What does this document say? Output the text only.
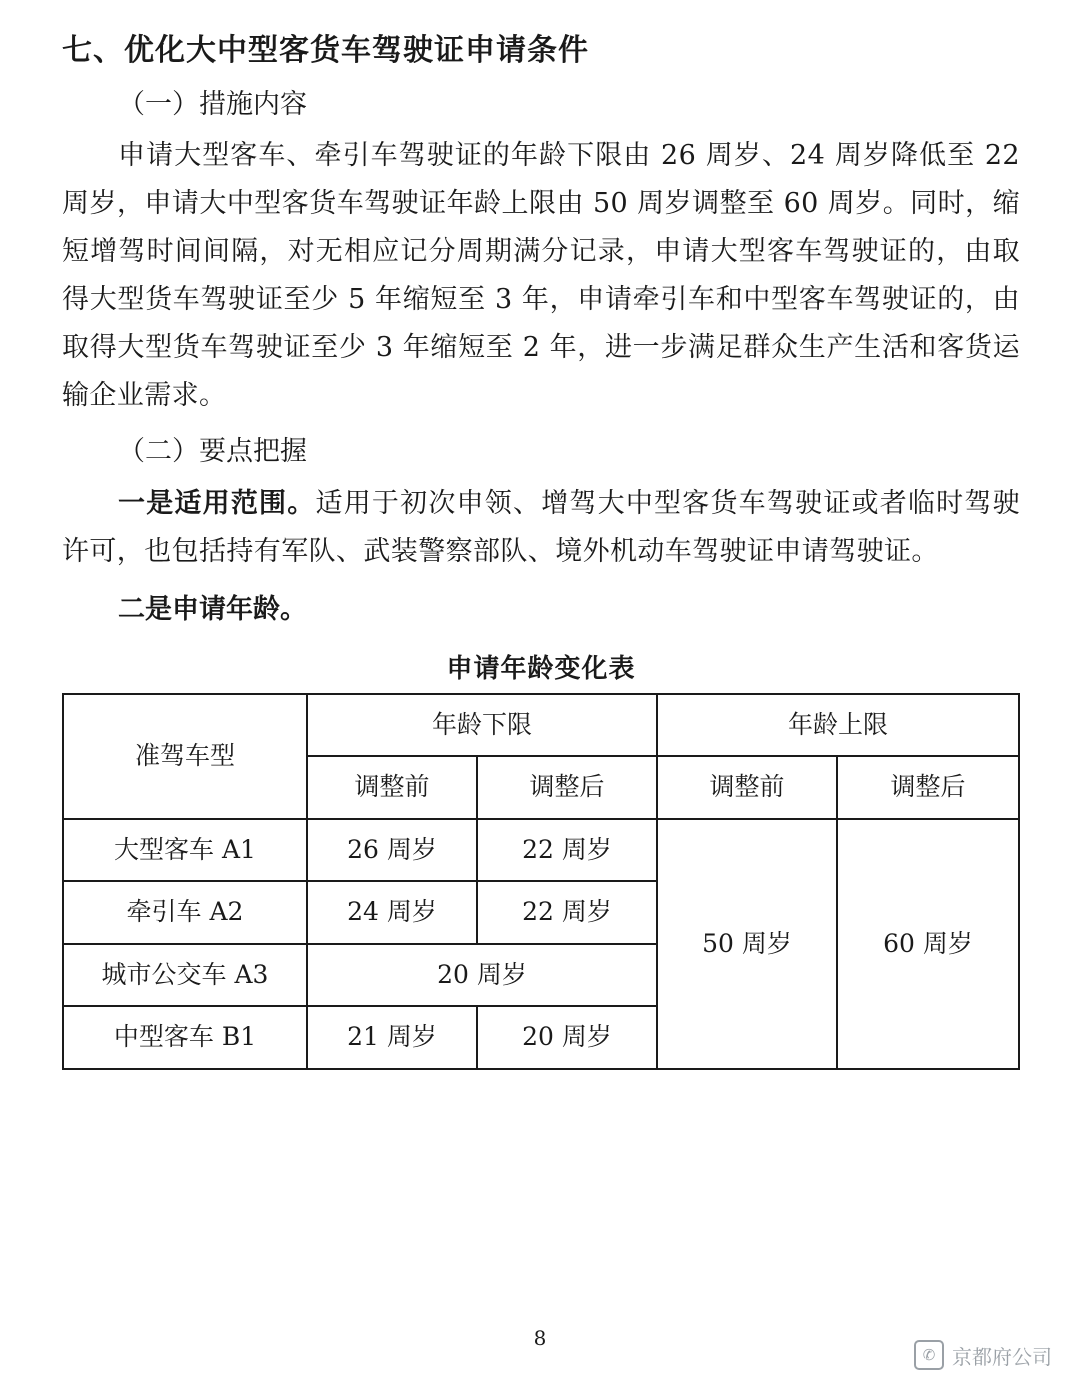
七、优化大中型客货车驾驶证申请条件
（一）措施内容

申请大型客车、牵引车驾驶证的年龄下限由 26 周岁、24 周岁降低至 22 周岁，申请大中型客货车驾驶证年龄上限由 50 周岁调整至 60 周岁。同时，缩短增驾时间间隔，对无相应记分周期满分记录，申请大型客车驾驶证的，由取得大型货车驾驶证至少 5 年缩短至 3 年，申请牵引车和中型客车驾驶证的，由取得大型货车驾驶证至少 3 年缩短至 2 年，进一步满足群众生产生活和客货运输企业需求。

（二）要点把握

一是适用范围。适用于初次申领、增驾大中型客货车驾驶证或者临时驾驶许可，也包括持有军队、武装警察部队、境外机动车驾驶证申请驾驶证。

二是申请年龄。
申请年龄变化表
准驾车型	年龄下限		年龄上限	
	调整前	调整后	调整前	调整后
大型客车 A1	26 周岁	22 周岁	50 周岁	60 周岁
牵引车 A2	24 周岁	22 周岁		
城市公交车 A3	20 周岁			
中型客车 B1	21 周岁	20 周岁		
8
✆ 京都府公司
